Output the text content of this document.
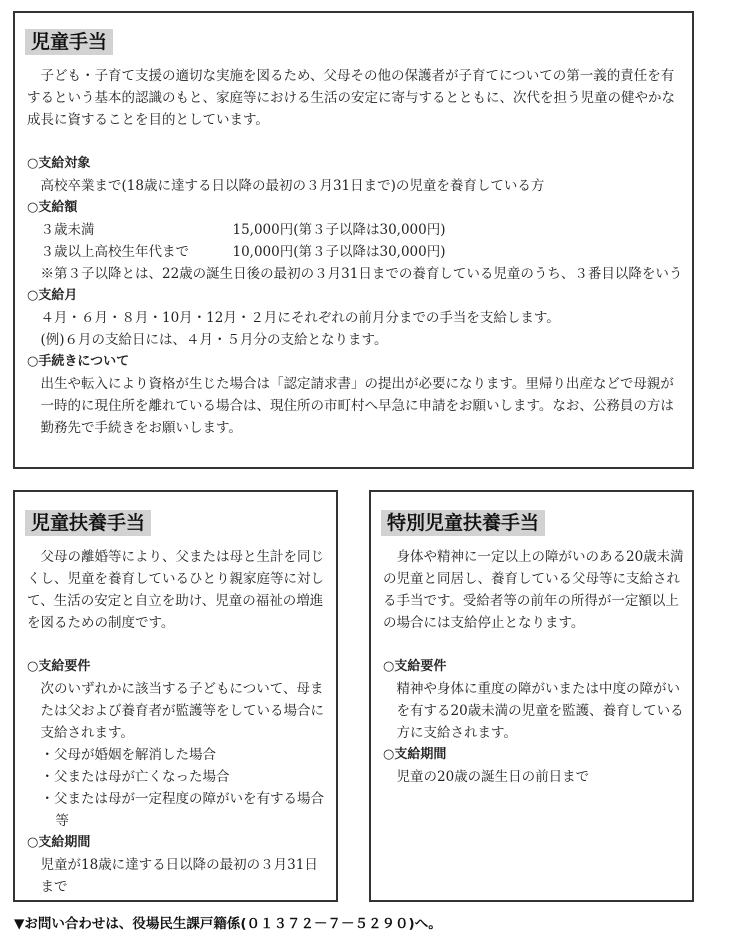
児童手当

子ども・子育て支援の適切な実施を図るため、父母その他の保護者が子育てについての第一義的責任を有するという基本的認識のもと、家庭等における生活の安定に寄与するとともに、次代を担う児童の健やかな成長に資することを目的としています。

○支給対象

高校卒業まで(18歳に達する日以降の最初の３月31日まで)の児童を養育している方

○支給額

３歳未満	15,000円(第３子以降は30,000円)
３歳以上高校生年代まで	10,000円(第３子以降は30,000円)

※第３子以降とは、22歳の誕生日後の最初の３月31日までの養育している児童のうち、３番目以降をいう

○支給月

４月・６月・８月・10月・12月・２月にそれぞれの前月分までの手当を支給します。

(例)６月の支給日には、４月・５月分の支給となります。

○手続きについて

出生や転入により資格が生じた場合は「認定請求書」の提出が必要になります。里帰り出産などで母親が一時的に現住所を離れている場合は、現住所の市町村へ早急に申請をお願いします。なお、公務員の方は勤務先で手続きをお願いします。

児童扶養手当

父母の離婚等により、父または母と生計を同じくし、児童を養育しているひとり親家庭等に対して、生活の安定と自立を助け、児童の福祉の増進を図るための制度です。

○支給要件

次のいずれかに該当する子どもについて、母または父および養育者が監護等をしている場合に支給されます。

・父母が婚姻を解消した場合

・父または母が亡くなった場合

・父または母が一定程度の障がいを有する場合等

○支給期間

児童が18歳に達する日以降の最初の３月31日まで

特別児童扶養手当

身体や精神に一定以上の障がいのある20歳未満の児童と同居し、養育している父母等に支給される手当です。受給者等の前年の所得が一定額以上の場合には支給停止となります。

○支給要件

精神や身体に重度の障がいまたは中度の障がいを有する20歳未満の児童を監護、養育している方に支給されます。

○支給期間

児童の20歳の誕生日の前日まで

▼お問い合わせは、役場民生課戸籍係(０１３７２－７－５２９０)へ。
